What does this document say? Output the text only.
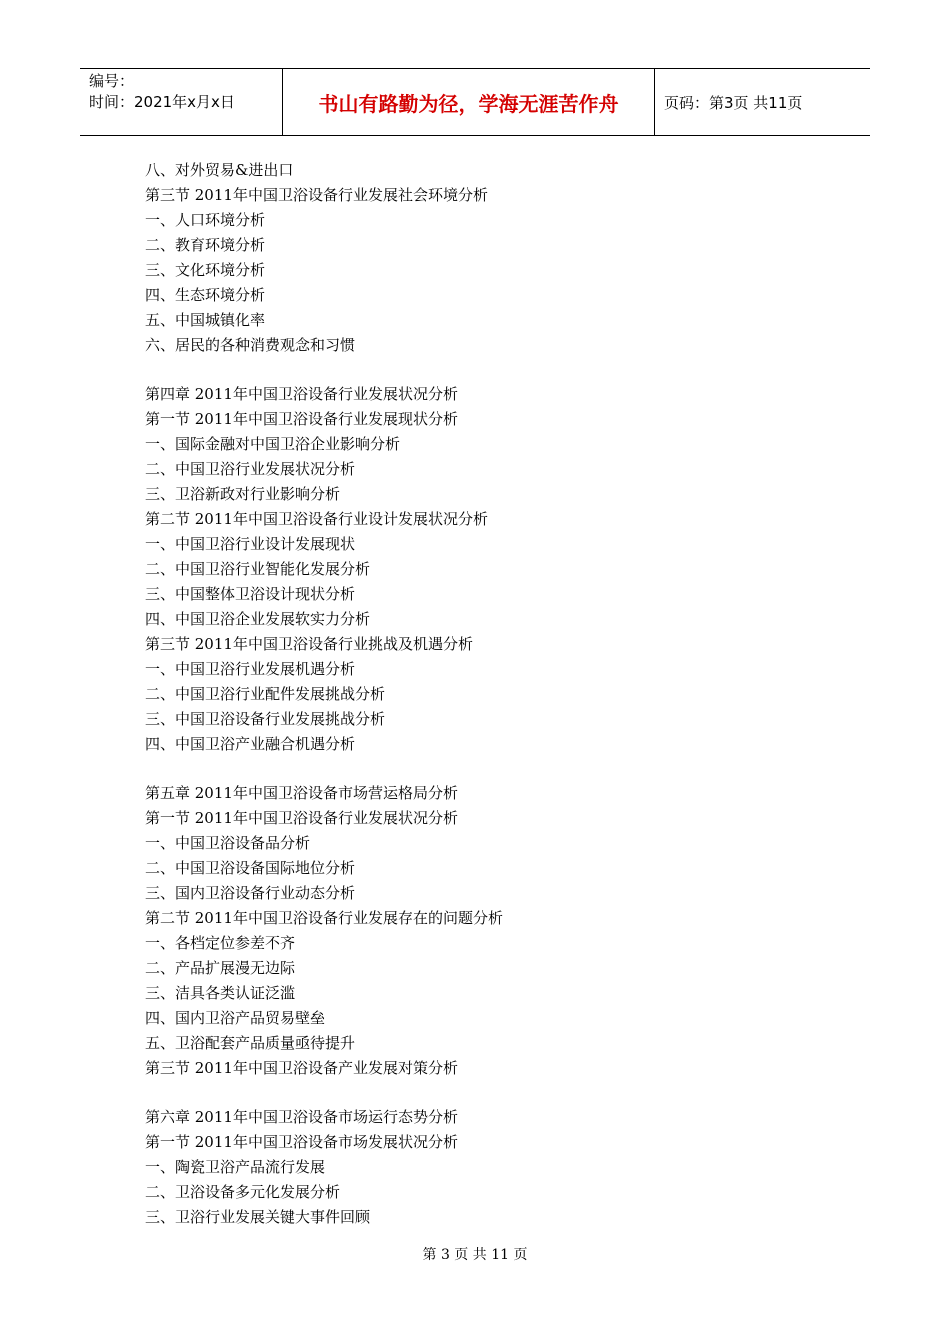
编号：
时间：2021年x月x日	书山有路勤为径，学海无涯苦作舟	页码：第3页 共11页
八、对外贸易&进出口
第三节 2011年中国卫浴设备行业发展社会环境分析
一、人口环境分析
二、教育环境分析
三、文化环境分析
四、生态环境分析
五、中国城镇化率
六、居民的各种消费观念和习惯
第四章 2011年中国卫浴设备行业发展状况分析
第一节 2011年中国卫浴设备行业发展现状分析
一、国际金融对中国卫浴企业影响分析
二、中国卫浴行业发展状况分析
三、卫浴新政对行业影响分析
第二节 2011年中国卫浴设备行业设计发展状况分析
一、中国卫浴行业设计发展现状
二、中国卫浴行业智能化发展分析
三、中国整体卫浴设计现状分析
四、中国卫浴企业发展软实力分析
第三节 2011年中国卫浴设备行业挑战及机遇分析
一、中国卫浴行业发展机遇分析
二、中国卫浴行业配件发展挑战分析
三、中国卫浴设备行业发展挑战分析
四、中国卫浴产业融合机遇分析
第五章 2011年中国卫浴设备市场营运格局分析
第一节 2011年中国卫浴设备行业发展状况分析
一、中国卫浴设备品分析
二、中国卫浴设备国际地位分析
三、国内卫浴设备行业动态分析
第二节 2011年中国卫浴设备行业发展存在的问题分析
一、各档定位参差不齐
二、产品扩展漫无边际
三、洁具各类认证泛滥
四、国内卫浴产品贸易壁垒
五、卫浴配套产品质量亟待提升
第三节 2011年中国卫浴设备产业发展对策分析
第六章 2011年中国卫浴设备市场运行态势分析
第一节 2011年中国卫浴设备市场发展状况分析
一、陶瓷卫浴产品流行发展
二、卫浴设备多元化发展分析
三、卫浴行业发展关键大事件回顾
第 3 页 共 11 页
